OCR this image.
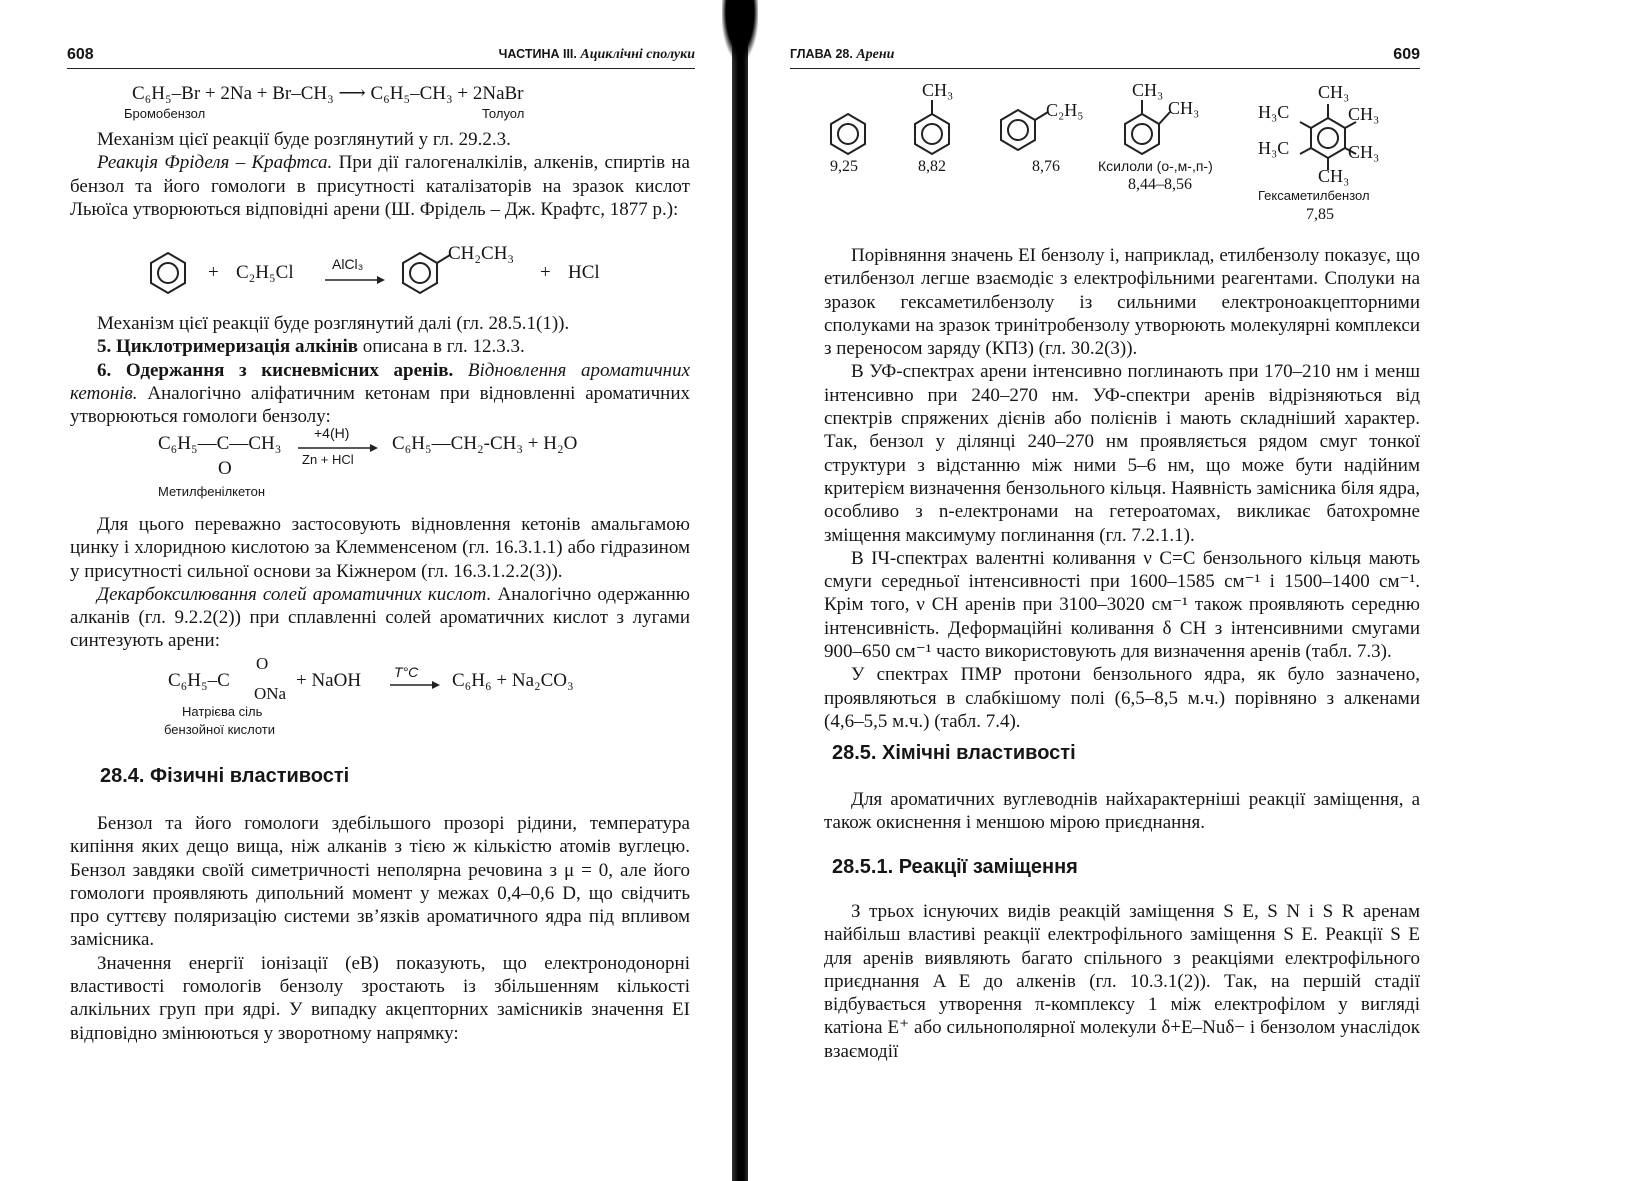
608	ЧАСТИНА III. Ациклічні сполуки
C₆H₅–Br + 2Na + Br–CH₃ ⟶ C₆H₅–CH₃ + 2NaBr
Бромобензол	Толуол

Механізм цієї реакції буде розглянутий у гл. 29.2.3.

Реакція Фріделя – Крафтса. При дії галогеналкілів, алкенів, спиртів на бензол та його гомологи в присутності каталізаторів на зразок кислот Льюїса утворюються відповідні арени (Ш. Фрідель – Дж. Крафтс, 1877 р.):

+ C₂H₅Cl	AlCl₃	CH₂CH₃
+ HCl

Механізм цієї реакції буде розглянутий далі (гл. 28.5.1(1)).

5. Циклотримеризація алкінів описана в гл. 12.3.3.

6. Одержання з кисневмісних аренів. Відновлення ароматичних кетонів. Аналогічно аліфатичним кетонам при відновленні ароматичних утворюються гомологи бензолу:

C₆H₅—C—CH₃
O
+4(H)
Zn + HCl
C₆H₅—CH₂-CH₃ + H₂O
Метилфенілкетон

Для цього переважно застосовують відновлення кетонів амальгамою цинку і хлоридною кислотою за Клемменсеном (гл. 16.3.1.1) або гідразином у присутності сильної основи за Кіжнером (гл. 16.3.1.2.2(3)).

Декарбоксилювання солей ароматичних кислот. Аналогічно одержанню алканів (гл. 9.2.2(2)) при сплавленні солей ароматичних кислот з лугами синтезують арени:

C₆H₅–C
O
ONa
+ NaOH T°C → C₆H₆ + Na₂CO₃
Натрієва сіль
бензойної кислоти
28.4. Фізичні властивості

Бензол та його гомологи здебільшого прозорі рідини, температура кипіння яких дещо вища, ніж алканів з тією ж кількістю атомів вуглецю. Бензол завдяки своїй симетричності неполярна речовина з μ = 0, але його гомологи проявляють дипольний момент у межах 0,4–0,6 D, що свідчить про суттєву поляризацію системи зв’язків ароматичного ядра під впливом замісника.

Значення енергії іонізації (еВ) показують, що електронодонорні властивості гомологів бензолу зростають із збільшенням кількості алкільних груп при ядрі. У випадку акцепторних замісників значення ЕІ відповідно змінюються у зворотному напрямку:

ГЛАВА 28. Арени	609
9,25
CH₃
8,82
C₂H₅
8,76
CH₃
CH₃
Ксилоли (о-,м-,п-)
8,44–8,56
CH₃
H₃C	CH₃
H₃C	CH₃
CH₃
Гексаметилбензол
7,85

Порівняння значень ЕІ бензолу і, наприклад, етилбензолу показує, що етилбензол легше взаємодіє з електрофільними реагентами. Сполуки на зразок гексаметилбензолу із сильними електроноакцепторними сполуками на зразок тринітробензолу утворюють молекулярні комплекси з переносом заряду (КПЗ) (гл. 30.2(3)).

В УФ-спектрах арени інтенсивно поглинають при 170–210 нм і менш інтенсивно при 240–270 нм. УФ-спектри аренів відрізняються від спектрів спряжених дієнів або полієнів і мають складніший характер. Так, бензол у ділянці 240–270 нм проявляється рядом смуг тонкої структури з відстанню між ними 5–6 нм, що може бути надійним критерієм визначення бензольного кільця. Наявність замісника біля ядра, особливо з n-електронами на гетероатомах, викликає батохромне зміщення максимуму поглинання (гл. 7.2.1.1).

В ІЧ-спектрах валентні коливання ν C=C бензольного кільця мають смуги середньої інтенсивності при 1600–1585 см⁻¹ і 1500–1400 см⁻¹. Крім того, ν CH аренів при 3100–3020 см⁻¹ також проявляють середню інтенсивність. Деформаційні коливання δ CH з інтенсивними смугами 900–650 см⁻¹ часто використовують для визначення аренів (табл. 7.3).

У спектрах ПМР протони бензольного ядра, як було зазначено, проявляються в слабкішому полі (6,5–8,5 м.ч.) порівняно з алкенами (4,6–5,5 м.ч.) (табл. 7.4).

28.5. Хімічні властивості

Для ароматичних вуглеводнів найхарактерніші реакції заміщення, а також окиснення і меншою мірою приєднання.

28.5.1. Реакції заміщення

З трьох існуючих видів реакцій заміщення S E, S N і S R аренам найбільш властиві реакції електрофільного заміщення S E. Реакції S E для аренів виявляють багато спільного з реакціями електрофільного приєднання A E до алкенів (гл. 10.3.1(2)). Так, на першій стадії відбувається утворення π-комплексу 1 між електрофілом у вигляді катіона E⁺ або сильнополярної молекули δ+E–Nuδ− і бензолом унаслідок взаємодії
